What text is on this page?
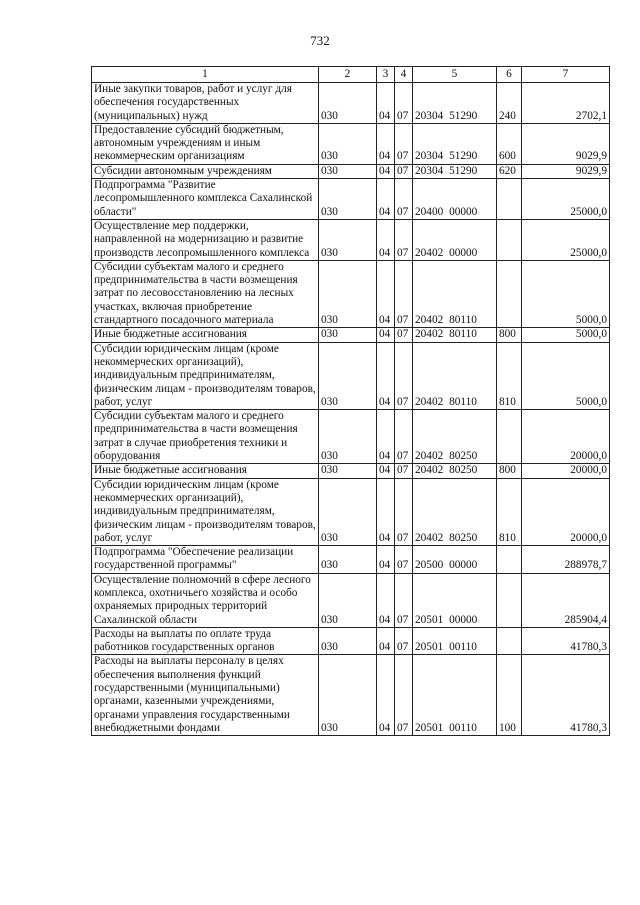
732
1	2	3	4	5	6	7
Иные закупки товаров, работ и услуг для обеспечения государственных (муниципальных) нужд	030	04	07	20304 51290	240	2702,1
Предоставление субсидий бюджетным, автономным учреждениям и иным некоммерческим организациям	030	04	07	20304 51290	600	9029,9
Субсидии автономным учреждениям	030	04	07	20304 51290	620	9029,9
Подпрограмма "Развитие лесопромышленного комплекса Сахалинской области"	030	04	07	20400 00000		25000,0
Осуществление мер поддержки, направленной на модернизацию и развитие производств лесопромышленного комплекса	030	04	07	20402 00000		25000,0
Субсидии субъектам малого и среднего предпринимательства в части возмещения затрат по лесовосстановлению на лесных участках, включая приобретение стандартного посадочного материала	030	04	07	20402 80110		5000,0
Иные бюджетные ассигнования	030	04	07	20402 80110	800	5000,0
Субсидии юридическим лицам (кроме некоммерческих организаций), индивидуальным предпринимателям, физическим лицам - производителям товаров, работ, услуг	030	04	07	20402 80110	810	5000,0
Субсидии субъектам малого и среднего предпринимательства в части возмещения затрат в случае приобретения техники и оборудования	030	04	07	20402 80250		20000,0
Иные бюджетные ассигнования	030	04	07	20402 80250	800	20000,0
Субсидии юридическим лицам (кроме некоммерческих организаций), индивидуальным предпринимателям, физическим лицам - производителям товаров, работ, услуг	030	04	07	20402 80250	810	20000,0
Подпрограмма "Обеспечение реализации государственной программы"	030	04	07	20500 00000		288978,7
Осуществление полномочий в сфере лесного комплекса, охотничьего хозяйства и особо охраняемых природных территорий Сахалинской области	030	04	07	20501 00000		285904,4
Расходы на выплаты по оплате труда работников государственных органов	030	04	07	20501 00110		41780,3
Расходы на выплаты персоналу в целях обеспечения выполнения функций государственными (муниципальными) органами, казенными учреждениями, органами управления государственными внебюджетными фондами	030	04	07	20501 00110	100	41780,3
